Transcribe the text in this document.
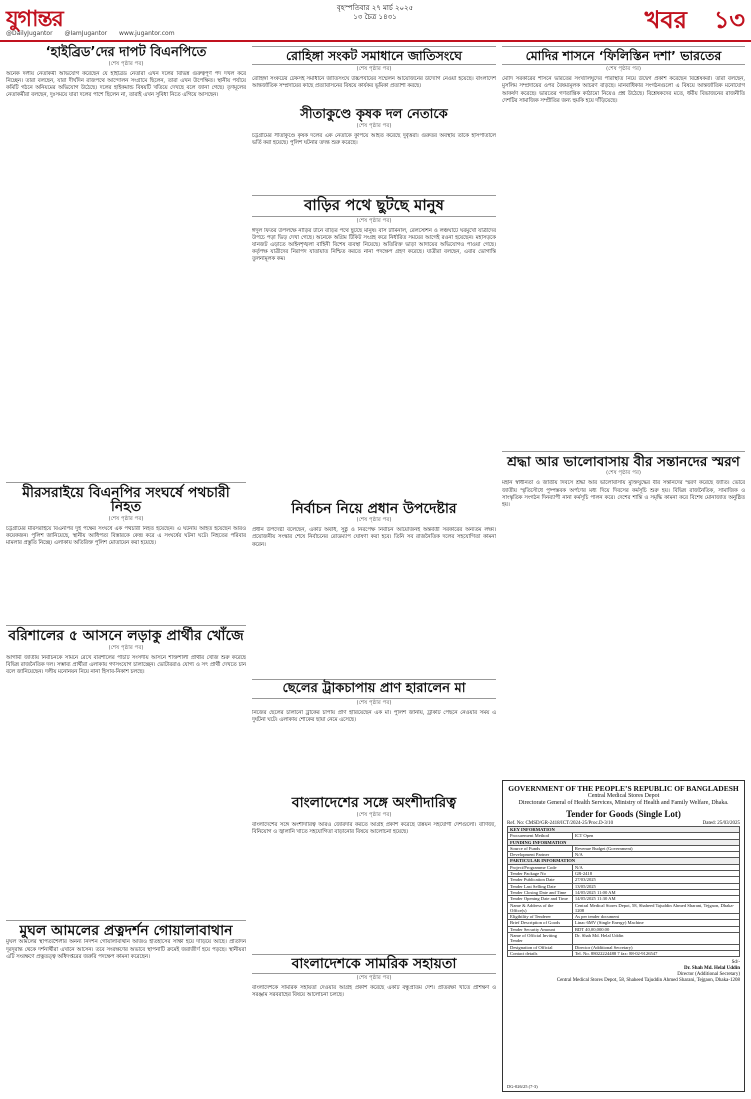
যুগান্তর	বৃহস্পতিবার ২৭ মার্চ ২০২৫
১৩ চৈত্র ১৪৩১	খবর ১৩
@DailyJugantor @IamJugantor www.jugantor.com
‘হাইব্রিড’দের দাপট বিএনপিতে
(শেষ পৃষ্ঠার পর)
অনেক দলীয় নেতাকর্মী অভিযোগ করেছেন যে হাইব্রিড নেতারা এখন দলের বিভিন্ন গুরুত্বপূর্ণ পদ দখল করে নিচ্ছেন। তারা বলছেন, যারা দীর্ঘদিন রাজপথে আন্দোলন সংগ্রামে ছিলেন, তারা এখন উপেক্ষিত। স্থানীয় পর্যায়ে কমিটি গঠনে অনিয়মের অভিযোগ উঠেছে। দলের হাইকমান্ড বিষয়টি খতিয়ে দেখছে বলে জানা গেছে। তৃণমূলের নেতাকর্মীরা বলছেন, দুঃসময়ে যারা দলের পাশে ছিলেন না, তারাই এখন সুবিধা নিতে এগিয়ে আসছেন।
মীরসরাইয়ে বিএনপির সংঘর্ষে পথচারী নিহত
(শেষ পৃষ্ঠার পর)
চট্টগ্রামের মীরসরাইয়ে বিএনপির দুই পক্ষের সংঘর্ষে এক পথচারী নিহত হয়েছেন। এ ঘটনায় আহত হয়েছেন আরও কয়েকজন। পুলিশ জানিয়েছে, স্থানীয় আধিপত্য বিস্তারকে কেন্দ্র করে এ সংঘর্ষের ঘটনা ঘটে। নিহতের পরিবার মামলার প্রস্তুতি নিচ্ছে। এলাকায় অতিরিক্ত পুলিশ মোতায়েন করা হয়েছে।
বরিশালের ৫ আসনে লড়াকু প্রার্থীর খোঁজে
(শেষ পৃষ্ঠার পর)
আগামী জাতীয় নির্বাচনকে সামনে রেখে বরিশালের পাঁচটি সংসদীয় আসনে শক্তিশালী প্রার্থীর খোঁজ শুরু করেছে বিভিন্ন রাজনৈতিক দল। সম্ভাব্য প্রার্থীরা এলাকায় গণসংযোগ চালাচ্ছেন। ভোটাররাও যোগ্য ও সৎ প্রার্থী দেখতে চান বলে জানিয়েছেন। দলীয় মনোনয়ন নিয়ে নানা হিসাব-নিকাশ চলছে।
মুঘল আমলের প্রত্নদর্শন গোয়ালাবাথান
মুঘল আমলের স্থাপত্যশৈলীর অনন্য নিদর্শন গোয়ালাবাথান আজও ইতিহাসের সাক্ষী হয়ে দাঁড়িয়ে আছে। প্রতিদিন দূরদূরান্ত থেকে দর্শনার্থীরা এখানে আসেন। তবে সংরক্ষণের অভাবে স্থাপনাটি ক্রমেই জরাজীর্ণ হয়ে পড়ছে। স্থানীয়রা এটি সংরক্ষণে প্রত্নতত্ত্ব অধিদপ্তরের জরুরি পদক্ষেপ কামনা করেছেন।
রোহিঙ্গা সংকট সমাধানে জাতিসংঘে
(শেষ পৃষ্ঠার পর)
রোহিঙ্গা সংকটের টেকসই সমাধানে জাতিসংঘে উচ্চপর্যায়ের সম্মেলন আয়োজনের উদ্যোগ নেওয়া হয়েছে। বাংলাদেশ আন্তর্জাতিক সম্প্রদায়ের কাছে প্রত্যাবাসনের বিষয়ে কার্যকর ভূমিকা প্রত্যাশা করছে।
সীতাকুণ্ডে কৃষক দল নেতাকে
(শেষ পৃষ্ঠার পর)
চট্টগ্রামের সীতাকুণ্ডে কৃষক দলের এক নেতাকে কুপিয়ে আহত করেছে দুর্বৃত্তরা। গুরুতর অবস্থায় তাকে হাসপাতালে ভর্তি করা হয়েছে। পুলিশ ঘটনার তদন্ত শুরু করেছে।
বাড়ির পথে ছুটছে মানুষ
(শেষ পৃষ্ঠার পর)
ঈদুল ফিতর উপলক্ষে নাড়ির টানে বাড়ির পথে ছুটছে মানুষ। বাস টার্মিনাল, রেলস্টেশন ও লঞ্চঘাটে ঘরমুখো যাত্রীদের উপচে পড়া ভিড় দেখা গেছে। অনেকে অগ্রিম টিকিট সংগ্রহ করে নির্ধারিত সময়ের আগেই রওনা হয়েছেন। মহাসড়কে যানজট এড়াতে আইনশৃঙ্খলা বাহিনী বিশেষ ব্যবস্থা নিয়েছে। অতিরিক্ত ভাড়া আদায়ের অভিযোগও পাওয়া গেছে। কর্তৃপক্ষ যাত্রীদের নিরাপদ যাতায়াত নিশ্চিত করতে নানা পদক্ষেপ গ্রহণ করেছে। যাত্রীরা বলছেন, এবার ভোগান্তি তুলনামূলক কম।
নির্বাচন নিয়ে প্রধান উপদেষ্টার
(শেষ পৃষ্ঠার পর)
প্রধান উপদেষ্টা বলেছেন, একটি অবাধ, সুষ্ঠু ও নিরপেক্ষ নির্বাচন আয়োজনই অন্তর্বর্তী সরকারের অন্যতম লক্ষ্য। প্রয়োজনীয় সংস্কার শেষে নির্বাচনের রোডম্যাপ ঘোষণা করা হবে। তিনি সব রাজনৈতিক দলের সহযোগিতা কামনা করেন।
ছেলের ট্রাকচাপায় প্রাণ হারালেন মা
(শেষ পৃষ্ঠার পর)
নিজের ছেলের চালানো ট্রাকের চাপায় প্রাণ হারিয়েছেন এক মা। পুলিশ জানায়, ট্রাকটি পেছনে নেওয়ার সময় এ দুর্ঘটনা ঘটে। এলাকায় শোকের ছায়া নেমে এসেছে।
বাংলাদেশের সঙ্গে অংশীদারিত্ব
(শেষ পৃষ্ঠার পর)
বাংলাদেশের সঙ্গে অংশীদারিত্ব আরও জোরদার করতে আগ্রহ প্রকাশ করেছে উন্নয়ন সহযোগী দেশগুলো। বাণিজ্য, বিনিয়োগ ও জ্বালানি খাতে সহযোগিতা বাড়ানোর বিষয়ে আলোচনা হয়েছে।
বাংলাদেশকে সামরিক সহায়তা
(শেষ পৃষ্ঠার পর)
বাংলাদেশকে সামরিক সহায়তা দেওয়ার আগ্রহ প্রকাশ করেছে একটি বন্ধুপ্রতিম দেশ। প্রতিরক্ষা খাতে প্রশিক্ষণ ও সরঞ্জাম সরবরাহের বিষয়ে আলোচনা চলছে।
মোদির শাসনে ‘ফিলিস্তিন দশা’ ভারতের
(শেষ পৃষ্ঠার পর)
মোদি সরকারের শাসনে ভারতের সংখ্যালঘুদের পরিস্থিতি নিয়ে উদ্বেগ প্রকাশ করেছেন বিশ্লেষকরা। তারা বলছেন, মুসলিম সম্প্রদায়ের ওপর বৈষম্যমূলক আচরণ বাড়ছে। মানবাধিকার সংগঠনগুলো এ বিষয়ে আন্তর্জাতিক মনোযোগ আকর্ষণ করেছে। ভারতের গণতান্ত্রিক কাঠামো নিয়েও প্রশ্ন উঠেছে। বিশ্লেষকদের মতে, ধর্মীয় বিভাজনের রাজনীতি দেশটির সামাজিক সম্প্রীতির জন্য হুমকি হয়ে দাঁড়িয়েছে।
শ্রদ্ধা আর ভালোবাসায় বীর সন্তানদের স্মরণ
(শেষ পৃষ্ঠার পর)
মহান স্বাধীনতা ও জাতীয় দিবসে শ্রদ্ধা আর ভালোবাসায় মুক্তিযুদ্ধের বীর সন্তানদের স্মরণ করেছে জাতি। ভোরে জাতীয় স্মৃতিসৌধে পুষ্পস্তবক অর্পণের মধ্য দিয়ে দিবসের কর্মসূচি শুরু হয়। বিভিন্ন রাজনৈতিক, সামাজিক ও সাংস্কৃতিক সংগঠন দিনব্যাপী নানা কর্মসূচি পালন করে। দেশের শান্তি ও সমৃদ্ধি কামনা করে বিশেষ মোনাজাত অনুষ্ঠিত হয়।
GOVERNMENT OF THE PEOPLE’S REPUBLIC OF BANGLADESH
Central Medical Stores Depot
Directorate General of Health Services, Ministry of Health and Family Welfare, Dhaka.
Tender for Goods (Single Lot)
Ref. No: CMSD/GR-2418/ICT/2024-25/Proc.D-3/10	Dated: 25/03/2025
KEY INFORMATION	
Procurement Method	ICT Open
FUNDING INFORMATION	
Source of Funds	Revenue Budget (Government)
Development Partner	N/A
PARTICULAR INFORMATION	
Project/Programme Code	N/A
Tender Package No	GR-2418
Tender Publication Date	27/03/2025
Tender Last Selling Date	13/05/2025
Tender Closing Date and Time	14/05/2025 11:00 AM
Tender Opening Date and Time	14/05/2025 11:30 AM
Name & Address of the Office(s)	Central Medical Stores Depot, 58, Shaheed Tajuddin Ahmed Sharani, Tejgaon, Dhaka-1208
Eligibility of Tenderer	As per tender document
Brief Description of Goods	Linac 6MV (Single Energy) Machine
Tender Security Amount	BDT 40,00,000.00
Name of Official Inviting Tender	Dr. Shah Md. Helal Uddin
Designation of Official	Director (Additional Secretary)
Contact details	Tel. No. 88022224488 7 fax: 88-02-9126547
Sd/-
Dr. Shah Md. Helal Uddin
Director (Additional Secretary)
Central Medical Stores Depot, 58, Shaheed Tajuddin Ahmed Sharani, Tejgaon, Dhaka-1208
DG-026/25 (7-3)
